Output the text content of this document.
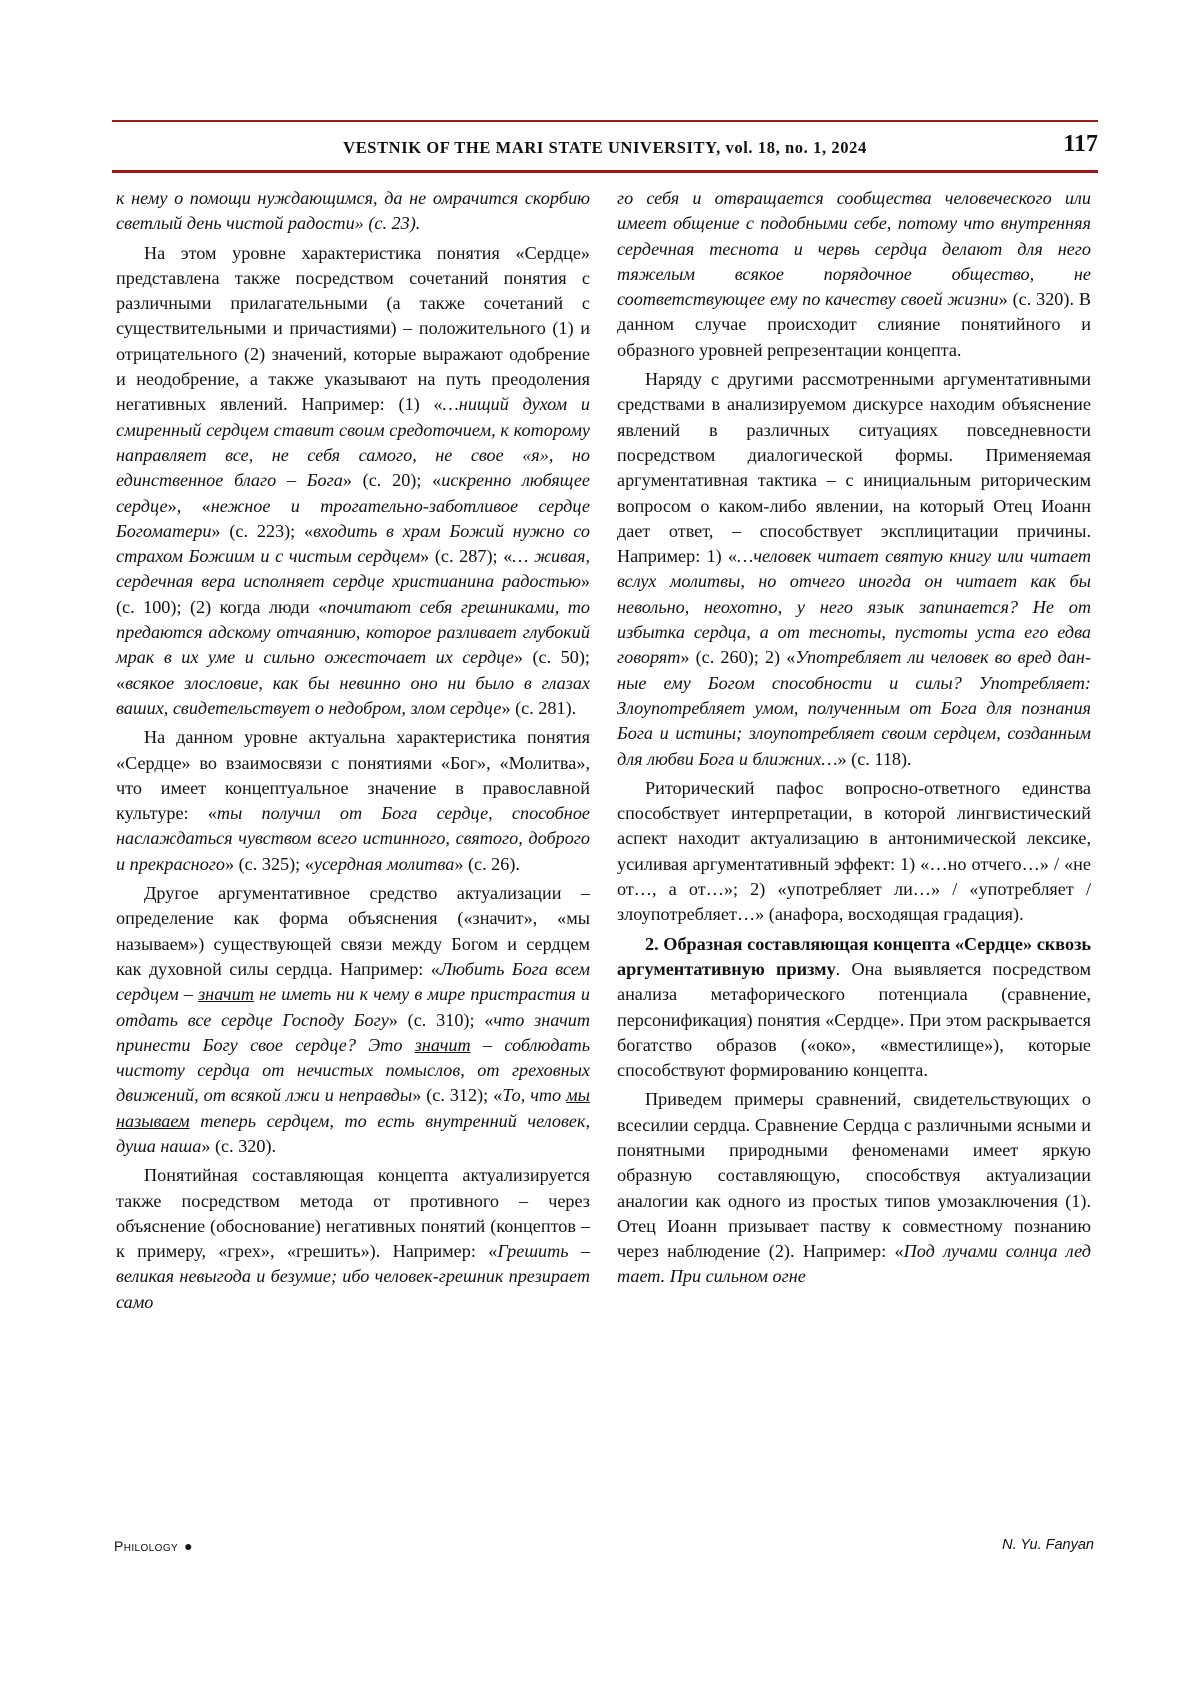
VESTNIK OF THE MARI STATE UNIVERSITY, vol. 18, no. 1, 2024	117

к нему о помощи нуждающимся, да не омрачится скорбию светлый день чистой радости» (с. 23).

На этом уровне характеристика понятия «Сердце» представлена также посредством сочетаний понятия с различными прилагательными (а также сочетаний с существительными и причастиями) – положительного (1) и отрицательного (2) значений, которые выражают одобрение и неодобрение, а также указывают на путь преодоления негативных явлений. Например: (1) «…нищий духом и смиренный сердцем ставит своим средоточием, к которому направляет все, не себя самого, не свое «я», но единственное благо – Бога» (с. 20); «искренно любящее сердце», «нежное и трогательно-заботливое сердце Богоматери» (с. 223); «входить в храм Божий нужно со страхом Божиим и с чистым сердцем» (с. 287); «… живая, сердечная вера исполняет сердце христианина радостью» (с. 100); (2) когда люди «почитают себя грешниками, то предаются адскому отчаянию, которое разливает глубокий мрак в их уме и сильно ожесточает их сердце» (с. 50); «всякое злословие, как бы невинно оно ни было в глазах ваших, свидетельствует о недобром, злом сердце» (с. 281).

На данном уровне актуальна характеристика понятия «Сердце» во взаимосвязи с понятиями «Бог», «Молитва», что имеет концептуальное значение в православной культуре: «ты получил от Бога сердце, способное наслаждаться чувством всего истинного, святого, доброго и прекрасного» (с. 325); «усердная молитва» (с. 26).

Другое аргументативное средство актуализации – определение как форма объяснения («значит», «мы называем») существующей связи между Богом и сердцем как духовной силы сердца. Например: «Любить Бога всем сердцем – значит не иметь ни к чему в мире пристрастия и отдать все сердце Господу Богу» (с. 310); «что значит принести Богу свое сердце? Это значит – соблюдать чистоту сердца от нечистых помыслов, от греховных движений, от всякой лжи и неправды» (с. 312); «То, что мы называем теперь сердцем, то есть внутренний человек, душа наша» (с. 320).

Понятийная составляющая концепта актуализируется также посредством метода от противного – через объяснение (обоснование) негативных понятий (концептов – к примеру, «грех», «грешить»). Например: «Грешить – великая невыгода и безумие; ибо человек-грешник презирает само

го себя и отвращается сообщества человеческого или имеет общение с подобными себе, потому что внутренняя сердечная теснота и червь сердца делают для него тяжелым всякое порядочное общество, не соответствующее ему по качеству своей жизни» (с. 320). В данном случае происходит слияние понятийного и образного уровней репрезентации концепта.

Наряду с другими рассмотренными аргументативными средствами в анализируемом дискурсе находим объяснение явлений в различных ситуациях повседневности посредством диалогической формы. Применяемая аргументативная тактика – с инициальным риторическим вопросом о каком-либо явлении, на который Отец Иоанн дает ответ, – способствует эксплицитации причины. Например: 1) «…человек читает святую книгу или читает вслух молитвы, но отчего иногда он читает как бы невольно, неохотно, у него язык запинается? Не от избытка сердца, а от тесноты, пустоты уста его едва говорят» (с. 260); 2) «Употребляет ли человек во вред данные ему Богом способности и силы? Употребляет: Злоупотребляет умом, полученным от Бога для познания Бога и истины; злоупотребляет своим сердцем, созданным для любви Бога и ближних…» (с. 118).

Риторический пафос вопросно-ответного единства способствует интерпретации, в которой лингвистический аспект находит актуализацию в антонимической лексике, усиливая аргументативный эффект: 1) «…но отчего…» / «не от…, а от…»; 2) «употребляет ли…» / «употребляет / злоупотребляет…» (анафора, восходящая градация).

2. Образная составляющая концепта «Сердце» сквозь аргументативную призму. Она выявляется посредством анализа метафорического потенциала (сравнение, персонификация) понятия «Сердце». При этом раскрывается богатство образов («око», «вместилище»), которые способствуют формированию концепта.

Приведем примеры сравнений, свидетельствующих о всесилии сердца. Сравнение Сердца с различными ясными и понятными природными феноменами имеет яркую образную составляющую, способствуя актуализации аналогии как одного из простых типов умозаключения (1). Отец Иоанн призывает паству к совместному познанию через наблюдение (2). Например: «Под лучами солнца лед тает. При сильном огне

Philology ●	N. Yu. Fanyan
